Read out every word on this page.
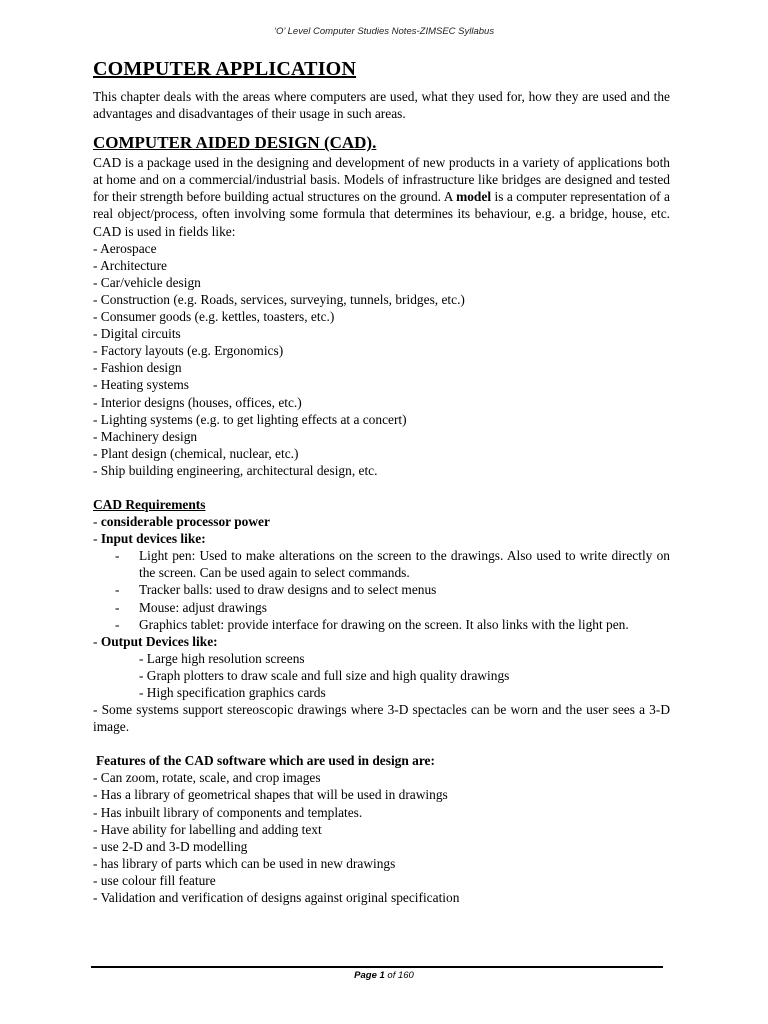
‘O’ Level Computer Studies Notes-ZIMSEC Syllabus
COMPUTER APPLICATION

This chapter deals with the areas where computers are used, what they used for, how they are used and the advantages and disadvantages of their usage in such areas.

COMPUTER AIDED DESIGN (CAD).

CAD is a package used in the designing and development of new products in a variety of applications both at home and on a commercial/industrial basis. Models of infrastructure like bridges are designed and tested for their strength before building actual structures on the ground. A model is a computer representation of a real object/process, often involving some formula that determines its behaviour, e.g. a bridge, house, etc. CAD is used in fields like:

- Aerospace

- Architecture

- Car/vehicle design

- Construction (e.g. Roads, services, surveying, tunnels, bridges, etc.)

- Consumer goods (e.g. kettles, toasters, etc.)

- Digital circuits

- Factory layouts (e.g. Ergonomics)

- Fashion design

- Heating systems

- Interior designs (houses, offices, etc.)

- Lighting systems (e.g. to get lighting effects at a concert)

- Machinery design

- Plant design (chemical, nuclear, etc.)

- Ship building engineering, architectural design, etc.

CAD Requirements

- considerable processor power

- Input devices like:

- Light pen: Used to make alterations on the screen to the drawings. Also used to write directly on the screen. Can be used again to select commands.
- Tracker balls: used to draw designs and to select menus
- Mouse: adjust drawings
- Graphics tablet: provide interface for drawing on the screen. It also links with the light pen.

- Output Devices like:

- Large high resolution screens

- Graph plotters to draw scale and full size and high quality drawings

- High specification graphics cards

- Some systems support stereoscopic drawings where 3-D spectacles can be worn and the user sees a 3-D image.

Features of the CAD software which are used in design are:

- Can zoom, rotate, scale, and crop images

- Has a library of geometrical shapes that will be used in drawings

- Has inbuilt library of components and templates.

- Have ability for labelling and adding text

- use 2-D and 3-D modelling

- has library of parts which can be used in new drawings

- use colour fill feature

- Validation and verification of designs against original specification

Page 1 of 160
